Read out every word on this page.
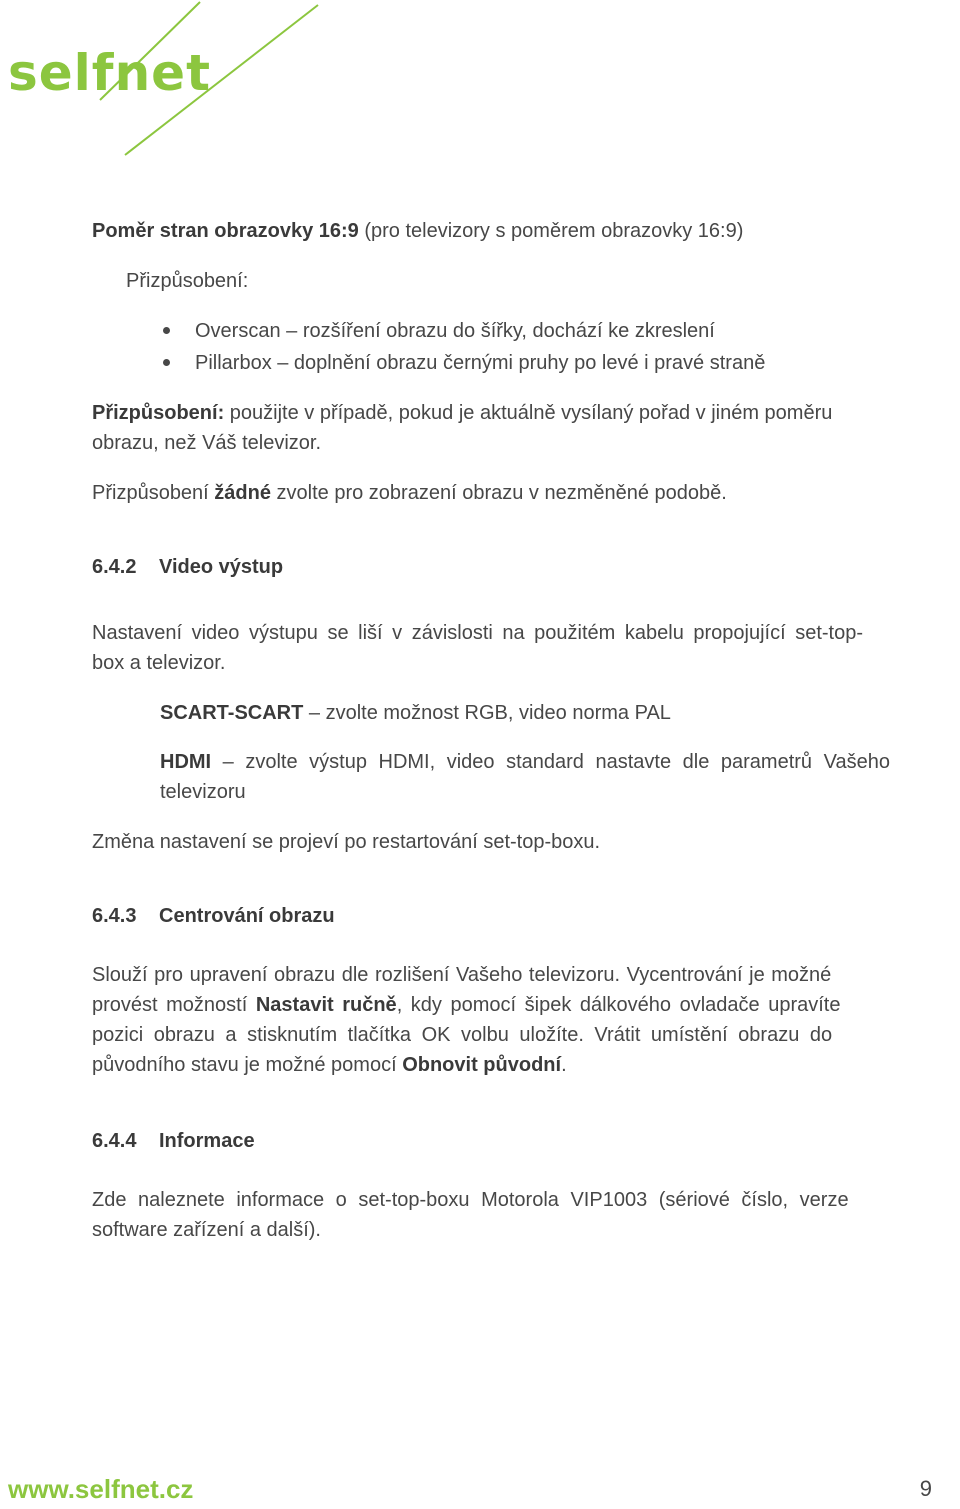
selfnet
Poměr stran obrazovky 16:9 (pro televizory s poměrem obrazovky 16:9)
Přizpůsobení:
Overscan – rozšíření obrazu do šířky, dochází ke zkreslení
Pillarbox – doplnění obrazu černými pruhy po levé i pravé straně
Přizpůsobení: použijte v případě, pokud je aktuálně vysílaný pořad v jiném poměru
obrazu, než Váš televizor.
Přizpůsobení žádné zvolte pro zobrazení obrazu v nezměněné podobě.
6.4.2 Video výstup
Nastavení video výstupu se liší v závislosti na použitém kabelu propojující set-top-
box a televizor.
SCART-SCART – zvolte možnost RGB, video norma PAL
HDMI – zvolte výstup HDMI, video standard nastavte dle parametrů Vašeho
televizoru
Změna nastavení se projeví po restartování set-top-boxu.
6.4.3 Centrování obrazu
Slouží pro upravení obrazu dle rozlišení Vašeho televizoru. Vycentrování je možné
provést možností Nastavit ručně, kdy pomocí šipek dálkového ovladače upravíte
pozici obrazu a stisknutím tlačítka OK volbu uložíte. Vrátit umístění obrazu do
původního stavu je možné pomocí Obnovit původní.
6.4.4 Informace
Zde naleznete informace o set-top-boxu Motorola VIP1003 (sériové číslo, verze
software zařízení a další).
www.selfnet.cz	9
